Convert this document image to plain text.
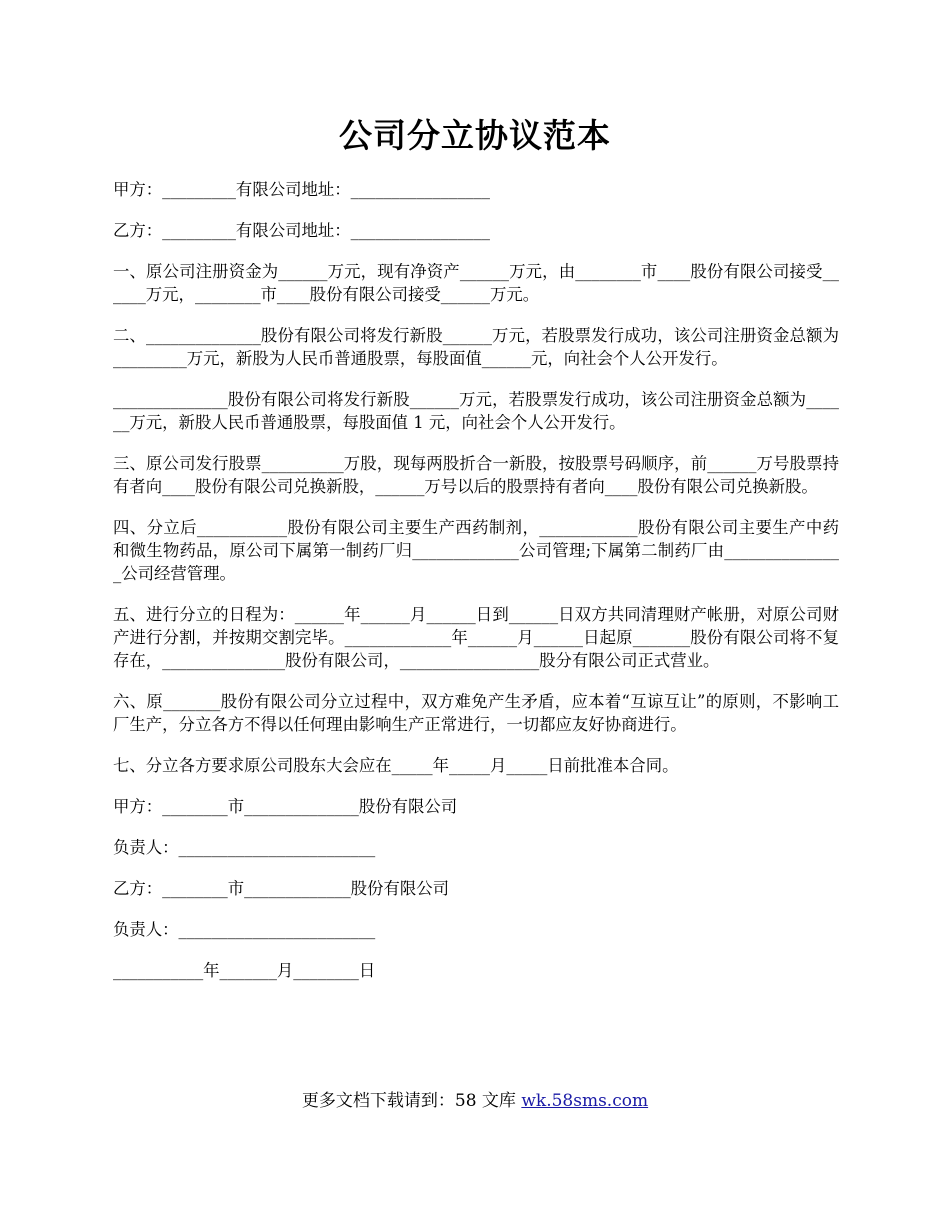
公司分立协议范本

甲方：_________有限公司地址：_________________

乙方：_________有限公司地址：_________________

一、原公司注册资金为______万元，现有净资产______万元，由________市____股份有限公司接受______万元，________市____股份有限公司接受______万元。

二、______________股份有限公司将发行新股______万元，若股票发行成功，该公司注册资金总额为_________万元，新股为人民币普通股票，每股面值______元，向社会个人公开发行。

______________股份有限公司将发行新股______万元，若股票发行成功，该公司注册资金总额为______万元，新股人民币普通股票，每股面值 1 元，向社会个人公开发行。

三、原公司发行股票__________万股，现每两股折合一新股，按股票号码顺序，前______万号股票持有者向____股份有限公司兑换新股，______万号以后的股票持有者向____股份有限公司兑换新股。

四、分立后___________股份有限公司主要生产西药制剂，____________股份有限公司主要生产中药和微生物药品，原公司下属第一制药厂归_____________公司管理;下属第二制药厂由_______________公司经营管理。

五、进行分立的日程为：______年______月______日到______日双方共同清理财产帐册，对原公司财产进行分割，并按期交割完毕。_____________年______月______日起原_______股份有限公司将不复存在，_______________股份有限公司，_________________股分有限公司正式营业。

六、原_______股份有限公司分立过程中，双方难免产生矛盾，应本着“互谅互让”的原则，不影响工厂生产，分立各方不得以任何理由影响生产正常进行，一切都应友好协商进行。

七、分立各方要求原公司股东大会应在_____年_____月_____日前批准本合同。

甲方：________市______________股份有限公司

负责人：________________________

乙方：________市_____________股份有限公司

负责人：________________________

___________年_______月________日

更多文档下载请到：58 文库 wk.58sms.com
